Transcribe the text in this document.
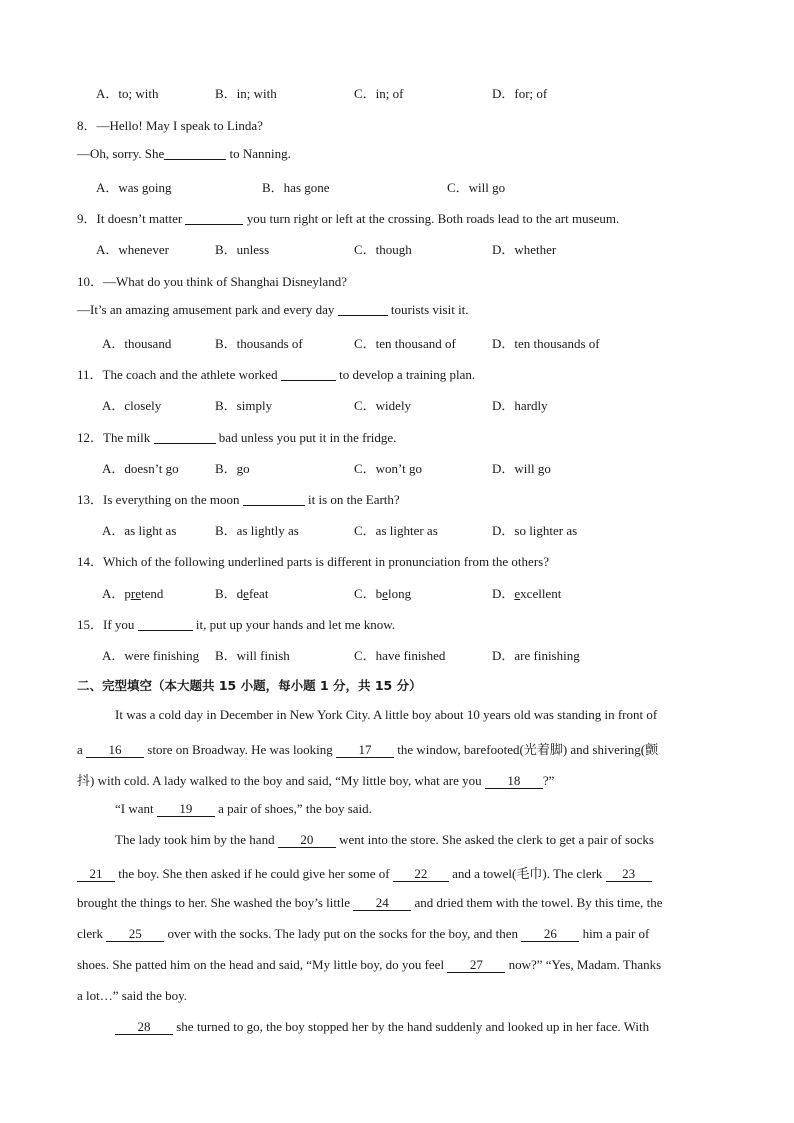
A．to; with	B．in; with	C．in; of	D．for; of
8．—Hello! May I speak to Linda?
—Oh, sorry. She	to Nanning.
A．was going	B．has gone	C．will go
9．It doesn’t matter	you turn right or left at the crossing. Both roads lead to the art museum.
A．whenever	B．unless	C．though	D．whether
10．—What do you think of Shanghai Disneyland?
—It’s an amazing amusement park and every day	tourists visit it.
A．thousand	B．thousands of	C．ten thousand of	D．ten thousands of
11．The coach and the athlete worked	to develop a training plan.
A．closely	B．simply	C．widely	D．hardly
12．The milk	bad unless you put it in the fridge.
A．doesn’t go	B．go	C．won’t go	D．will go
13．Is everything on the moon	it is on the Earth?
A．as light as	B．as lightly as	C．as lighter as	D．so lighter as
14．Which of the following underlined parts is different in pronunciation from the others?
A．pretend	B．defeat	C．belong	D．excellent
15．If you	it, put up your hands and let me know.
A．were finishing B．will finish	C．have finished	D．are finishing
二、完型填空（本大题共 15 小题，每小题 1 分，共 15 分）
It was a cold day in December in New York City. A little boy about 10 years old was standing in front of
a 16 store on Broadway. He was looking 17 the window, barefooted(光着脚) and shivering(颤
抖) with cold. A lady walked to the boy and said, “My little boy, what are you 18 ?”
“I want 19 a pair of shoes,” the boy said.
The lady took him by the hand 20 went into the store. She asked the clerk to get a pair of socks
21 the boy. She then asked if he could give her some of 22 and a towel(毛巾). The clerk 23
brought the things to her. She washed the boy’s little 24 and dried them with the towel. By this time, the
clerk 25 over with the socks. The lady put on the socks for the boy, and then 26 him a pair of
shoes. She patted him on the head and said, “My little boy, do you feel 27 now?” “Yes, Madam. Thanks
a lot…” said the boy.
28 she turned to go, the boy stopped her by the hand suddenly and looked up in her face. With
